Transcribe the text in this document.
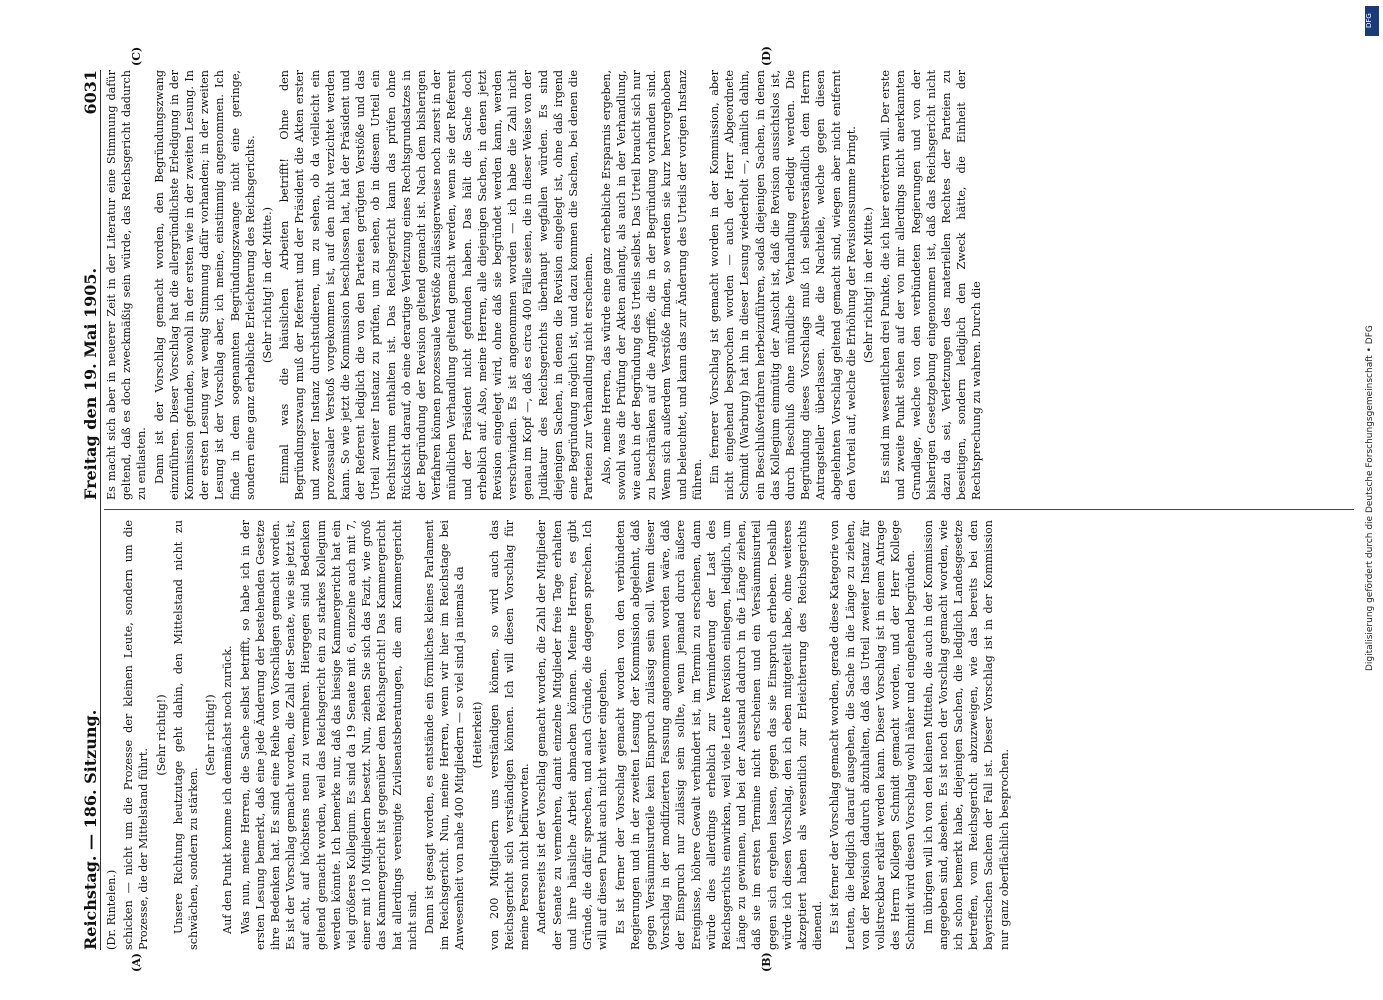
Reichstag. — 186. Sitzung.
Freitag den 19. Mai 1905.
6031

(Dr. Rintelen.) schicken — nicht um die Prozesse der kleinen Leute, sondern um die Prozesse, die der Mittelstand führt.

(Sehr richtig!) Unsere Richtung heutzutage geht dahin, den Mittelstand nicht zu schwächen, sondern zu stärken.

(Sehr richtig!) Auf den Punkt komme ich demnächst noch zurück. Was nun, meine Herren, die Sache selbst betrifft, so habe ich in der ersten Lesung bemerkt, daß eine jede Änderung der bestehenden Gesetze ihre Bedenken hat. Es sind eine Reihe von Vorschlägen gemacht worden. Es ist der Vorschlag gemacht worden, die Zahl der Senate, wie sie jetzt ist, auf acht, auf höchstens neun zu vermehren. Hiergegen sind Bedenken geltend gemacht worden, weil das Reichsgericht ein zu starkes Kollegium werden könnte. Ich bemerke nur, daß das hiesige Kammergericht hat ein viel größeres Kollegium. Es sind da 19 Senate mit 6, einzelne auch mit 7, einer mit 10 Mitgliedern besetzt. Nun, ziehen Sie sich das Fazit, wie groß das Kammergericht ist gegenüber dem Reichsgericht! Das Kammergericht hat allerdings vereinigte Zivilsenatsberatungen, die am Kammergericht nicht sind. Dann ist gesagt worden, es entstände ein förmliches kleines Parlament im Reichsgericht. Nun, meine Herren, wenn wir hier im Reichstage bei Anwesenheit von nahe 400 Mitgliedern — so viel sind ja niemals da (Heiterkeit) von 200 Mitgliedern uns verständigen können, so wird auch das Reichsgericht sich verständigen können. Ich will diesen Vorschlag für meine Person nicht befürworten. Andererseits ist der Vorschlag gemacht worden, die Zahl der Mitglieder der Senate zu vermehren, damit einzelne Mitglieder freie Tage erhalten und ihre häusliche Arbeit abmachen können. Meine Herren, es gibt Gründe, die dafür sprechen, und auch Gründe, die dagegen sprechen. Ich will auf diesen Punkt auch nicht weiter eingehen. Es ist ferner der Vorschlag gemacht worden von den verbündeten Regierungen und in der zweiten Lesung der Kommission abgelehnt, daß gegen Versäumnisurteile kein Einspruch zulässig sein soll. Wenn dieser Vorschlag in der modifizierten Fassung angenommen worden wäre, daß der Einspruch nur zulässig sein sollte, wenn jemand durch äußere Ereignisse, höhere Gewalt verhindert ist, im Termin zu erscheinen, dann würde dies allerdings erheblich zur Verminderung der Last des Reichsgerichts einwirken, weil viele Leute Revision einlegen, lediglich, um Länge zu gewinnen, und bei der Ausstand dadurch in die Länge ziehen, daß sie im ersten Termine nicht erscheinen und ein Versäumnisurteil gegen sich ergehen lassen, gegen das sie Einspruch erheben. Deshalb würde ich diesen Vorschlag, den ich eben mitgeteilt habe, ohne weiteres akzeptiert haben als wesentlich zur Erleichterung des Reichsgerichts dienend. Es ist ferner der Vorschlag gemacht worden, gerade diese Kategorie von Leuten, die lediglich darauf ausgehen, die Sache in die Länge zu ziehen, von der Revision dadurch abzuhalten, daß das Urteil zweiter Instanz für vollstreckbar erklärt werden kann. Dieser Vorschlag ist in einem Antrage des Herrn Kollegen Schmidt gemacht worden, und der Herr Kollege Schmidt wird diesen Vorschlag wohl näher und eingehend begründen. Im übrigen will ich von den kleinen Mitteln, die auch in der Kommission angegeben sind, absehen. Es ist noch der Vorschlag gemacht worden, wie ich schon bemerkt habe, diejenigen Sachen, die lediglich Landesgesetze betreffen, vom Reichsgericht abzuzweigen, wie das bereits bei den bayerischen Sachen der Fall ist. Dieser Vorschlag ist in der Kommission nur ganz oberflächlich besprochen.

Es macht sich aber in neuerer Zeit in der Literatur eine Stimmung dafür geltend, daß es doch zweckmäßig sein würde, das Reichsgericht dadurch zu entlasten. Dann ist der Vorschlag gemacht worden, den Begründungszwang einzuführen. Dieser Vorschlag hat die allergründlichste Erledigung in der Kommission gefunden, sowohl in der ersten wie in der zweiten Lesung. In der ersten Lesung war wenig Stimmung dafür vorhanden; in der zweiten Lesung ist der Vorschlag aber, ich meine, einstimmig angenommen. Ich finde in dem sogenannten Begründungszwange nicht eine geringe, sondern eine ganz erhebliche Erleichterung des Reichsgerichts. (Sehr richtig! in der Mitte.) Einmal was die häuslichen Arbeiten betrifft! Ohne den Begründungszwang muß der Referent und der Präsident die Akten erster und zweiter Instanz durchstudieren, um zu sehen, ob da vielleicht ein prozessualer Verstoß vorgekommen ist, auf den nicht verzichtet werden kann. So wie jetzt die Kommission beschlossen hat, hat der Präsident und der Referent lediglich die von den Parteien gerügten Verstöße und das Urteil zweiter Instanz zu prüfen, um zu sehen, ob in diesem Urteil ein Rechtsirrtum enthalten ist. Das Reichsgericht kann das prüfen ohne Rücksicht darauf, ob eine derartige Verletzung eines Rechtsgrundsatzes in der Begründung der Revision geltend gemacht ist. Nach dem bisherigen Verfahren können prozessuale Verstöße zulässigerweise noch zuerst in der mündlichen Verhandlung geltend gemacht werden, wenn sie der Referent und der Präsident nicht gefunden haben. Das hält die Sache doch erheblich auf. Also, meine Herren, alle diejenigen Sachen, in denen jetzt Revision eingelegt wird, ohne daß sie begründet werden kann, werden verschwinden. Es ist angenommen worden — ich habe die Zahl nicht genau im Kopf —, daß es circa 400 Fälle seien, die in dieser Weise von der Judikatur des Reichsgerichts überhaupt wegfallen würden. Es sind diejenigen Sachen, in denen die Revision eingelegt ist, ohne daß irgend eine Begründung möglich ist, und dazu kommen die Sachen, bei denen die Parteien zur Verhandlung nicht erscheinen. Also, meine Herren, das würde eine ganz erhebliche Ersparnis ergeben, sowohl was die Prüfung der Akten anlangt, als auch in der Verhandlung, wie auch in der Begründung des Urteils selbst. Das Urteil braucht sich nur zu beschränken auf die Angriffe, die in der Begründung vorhanden sind. Wenn sich außerdem Verstöße finden, so werden sie kurz hervorgehoben und beleuchtet, und kann das zur Änderung des Urteils der vorigen Instanz führen. Ein fernerer Vorschlag ist gemacht worden in der Kommission, aber nicht eingehend besprochen worden — auch der Herr Abgeordnete Schmidt (Warburg) hat ihn in dieser Lesung wiederholt —, nämlich dahin, ein Beschlußverfahren herbeizuführen, sodaß diejenigen Sachen, in denen das Kollegium einmütig der Ansicht ist, daß die Revision aussichtslos ist, durch Beschluß ohne mündliche Verhandlung erledigt werden. Die Begründung dieses Vorschlags muß ich selbstverständlich dem Herrn Antragsteller überlassen. Alle die Nachteile, welche gegen diesen abgelehnten Vorschlag geltend gemacht sind, wiegen aber nicht entfernt den Vorteil auf, welche die Erhöhung der Revisionssumme bringt. (Sehr richtig! in der Mitte.) Es sind im wesentlichen drei Punkte, die ich hier erörtern will. Der erste und zweite Punkt stehen auf der von mir allerdings nicht anerkannten Grundlage, welche von den verbündeten Regierungen und von der bisherigen Gesetzgebung eingenommen ist, daß das Reichsgericht nicht dazu da sei, Verletzungen des materiellen Rechtes der Parteien zu beseitigen, sondern lediglich den Zweck hätte, die Einheit der Rechtsprechung zu wahren. Durch die

(A)	(B)
(C)	(D)
Digitalisierung gefördert durch die Deutsche Forschungsgemeinschaft • DFG
DFG
